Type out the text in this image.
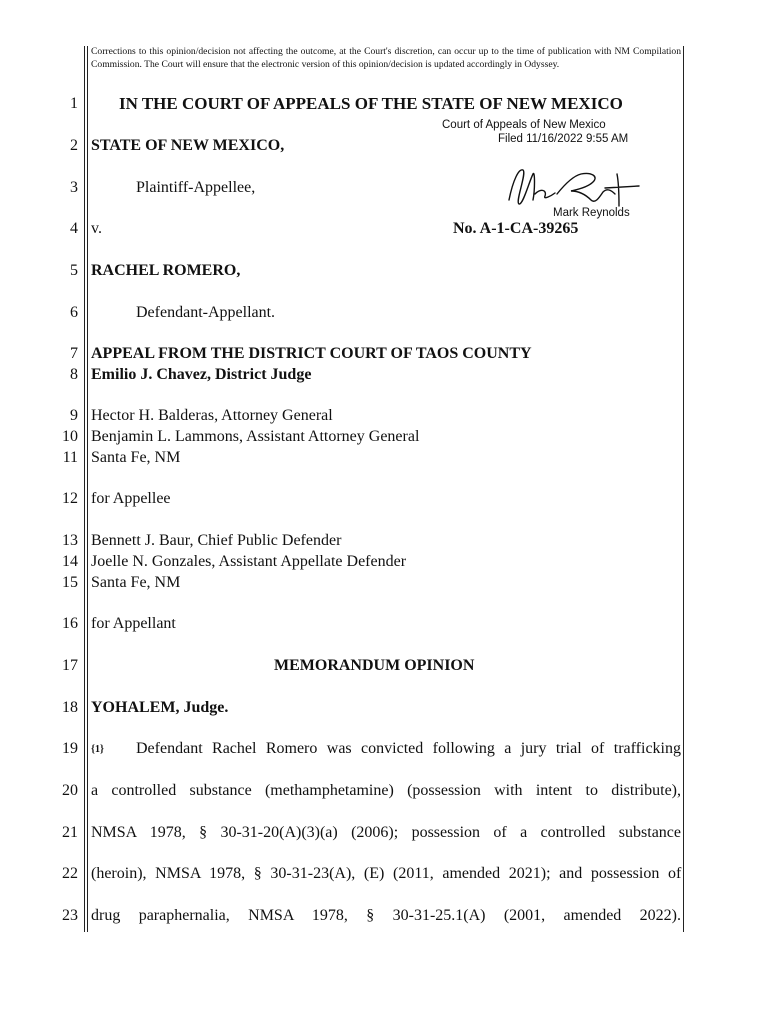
Corrections to this opinion/decision not affecting the outcome, at the Court's discretion, can occur up to the time of publication with NM Compilation Commission. The Court will ensure that the electronic version of this opinion/decision is updated accordingly in Odyssey.
1
2
3
4
5
6
7
8
9
10
11
12
13
14
15
16
17
18
19
20
21
22
23
IN THE COURT OF APPEALS OF THE STATE OF NEW MEXICO
Court of Appeals of New Mexico
Filed 11/16/2022 9:55 AM
Mark Reynolds
STATE OF NEW MEXICO,
Plaintiff-Appellee,
v.	No. A-1-CA-39265
RACHEL ROMERO,
Defendant-Appellant.
APPEAL FROM THE DISTRICT COURT OF TAOS COUNTY
Emilio J. Chavez, District Judge
Hector H. Balderas, Attorney General
Benjamin L. Lammons, Assistant Attorney General
Santa Fe, NM
for Appellee
Bennett J. Baur, Chief Public Defender
Joelle N. Gonzales, Assistant Appellate Defender
Santa Fe, NM
for Appellant
MEMORANDUM OPINION
YOHALEM, Judge.
{1} Defendant Rachel Romero was convicted following a jury trial of trafficking
a controlled substance (methamphetamine) (possession with intent to distribute),
NMSA 1978, § 30-31-20(A)(3)(a) (2006); possession of a controlled substance
(heroin), NMSA 1978, § 30-31-23(A), (E) (2011, amended 2021); and possession of
drug paraphernalia, NMSA 1978, § 30-31-25.1(A) (2001, amended 2022).
